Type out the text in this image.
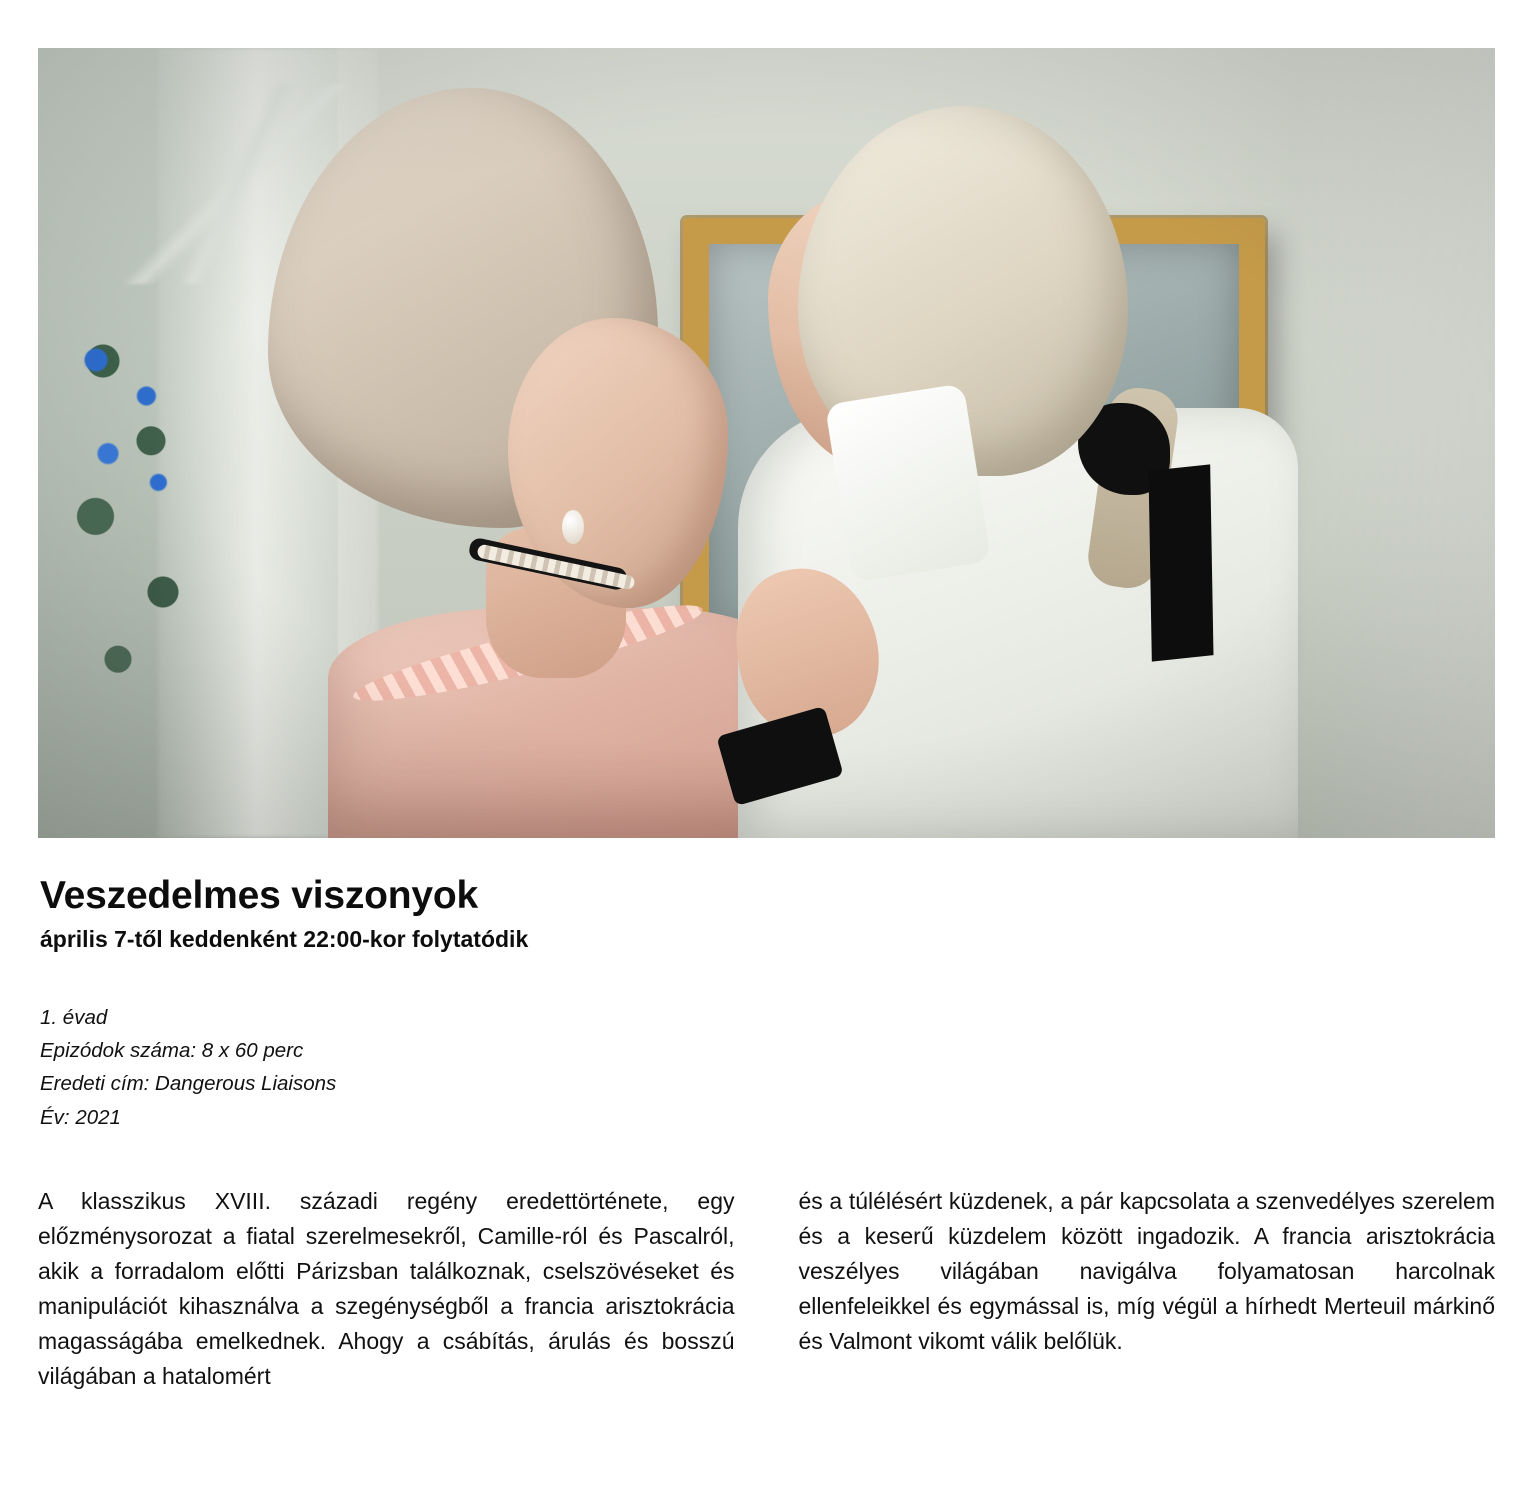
Veszedelmes viszonyok
április 7-től keddenként 22:00-kor folytatódik
1. évad
Epizódok száma: 8 x 60 perc
Eredeti cím: Dangerous Liaisons
Év: 2021

A klasszikus XVIII. századi regény eredettörténete, egy előzménysorozat a fiatal szerelmesekről, Camille-ról és Pascalról, akik a forradalom előtti Párizsban találkoznak, cselszövéseket és manipulációt kihasználva a szegénységből a francia arisztokrácia magasságába emelkednek. Ahogy a csábítás, árulás és bosszú világában a hatalomért

és a túlélésért küzdenek, a pár kapcsolata a szenvedélyes szerelem és a keserű küzdelem között ingadozik. A francia arisztokrácia veszélyes világában navigálva folyamatosan harcolnak ellenfeleikkel és egymással is, míg végül a hírhedt Merteuil márkinő és Valmont vikomt válik belőlük.
